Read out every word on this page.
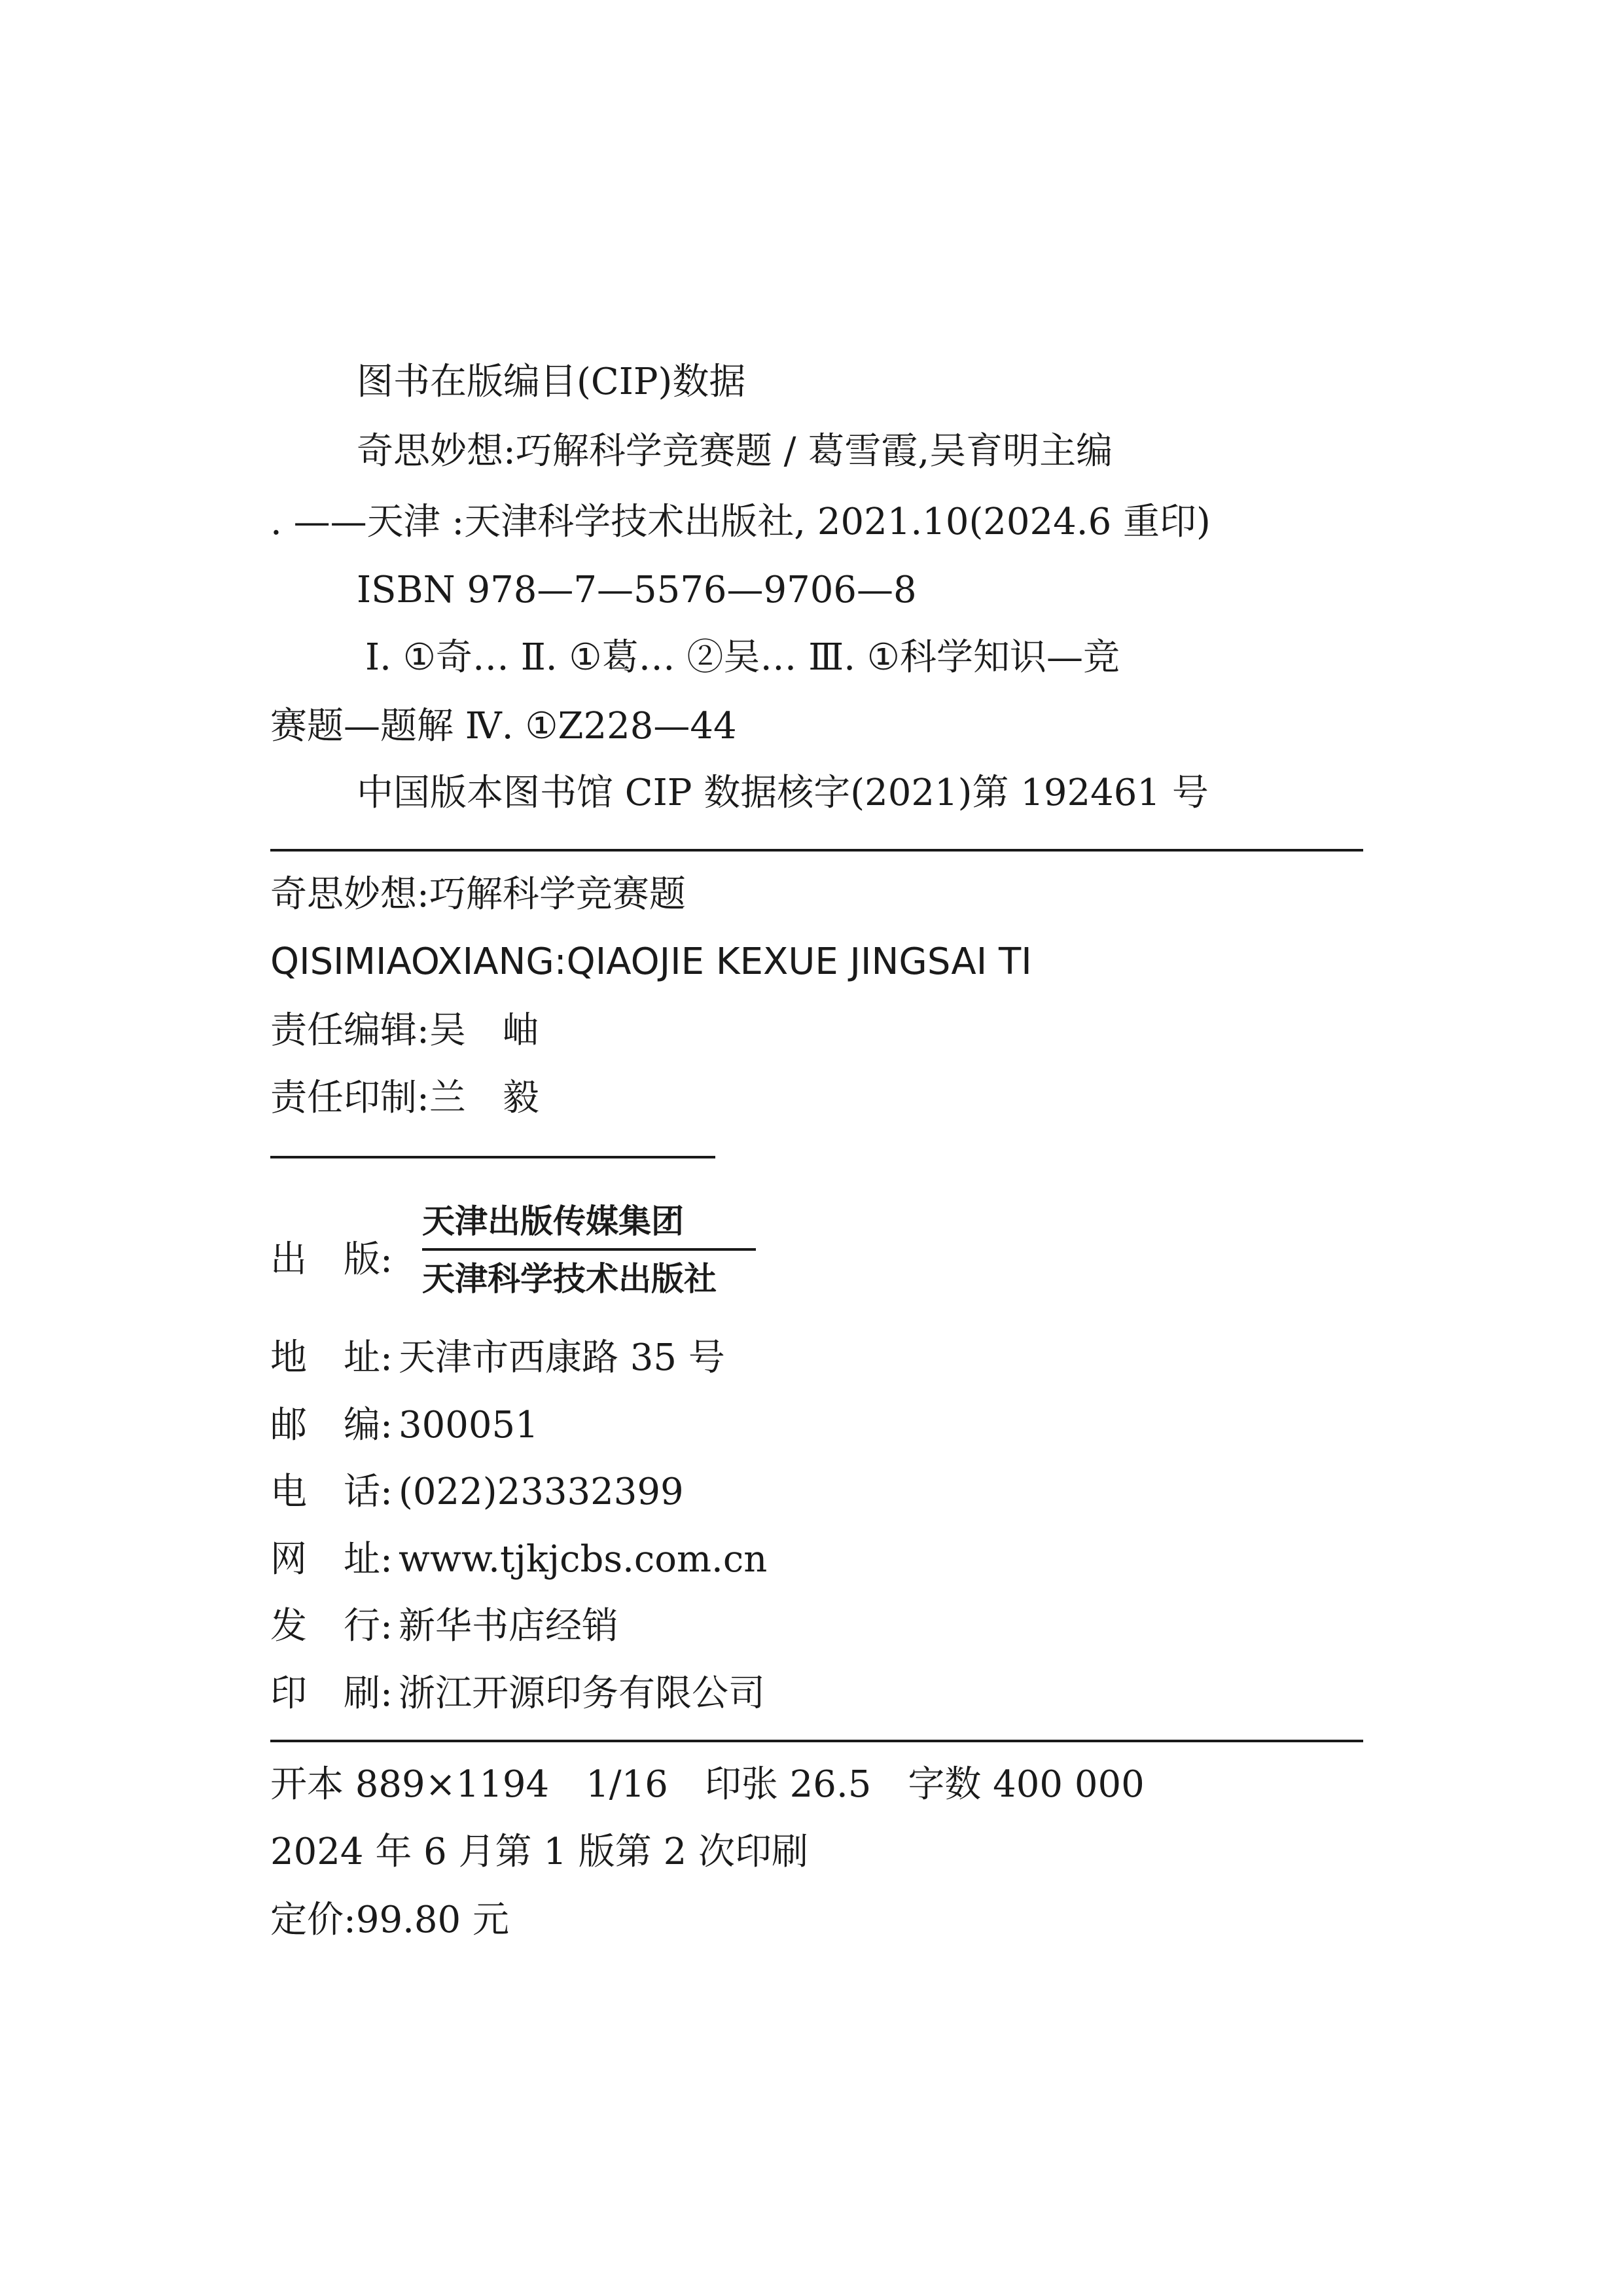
图书在版编目(CIP)数据
奇思妙想:巧解科学竞赛题 / 葛雪霞,吴育明主编
. ——天津 :天津科学技术出版社, 2021.10(2024.6 重印)
ISBN 978—7—5576—9706—8
Ⅰ. ①奇… Ⅱ. ①葛… ②吴… Ⅲ. ①科学知识—竞
赛题—题解 Ⅳ. ①Z228—44
中国版本图书馆 CIP 数据核字(2021)第 192461 号
奇思妙想:巧解科学竞赛题
QISIMIAOXIANG:QIAOJIE KEXUE JINGSAI TI
责任编辑:吴　岫
责任印制:兰　毅
出　版:
天津出版传媒集团
天津科学技术出版社
地　址: 天津市西康路 35 号
邮　编: 300051
电　话: (022)23332399
网　址: www.tjkjcbs.com.cn
发　行: 新华书店经销
印　刷: 浙江开源印务有限公司
开本 889×1194　1/16　印张 26.5　字数 400 000
2024 年 6 月第 1 版第 2 次印刷
定价:99.80 元
